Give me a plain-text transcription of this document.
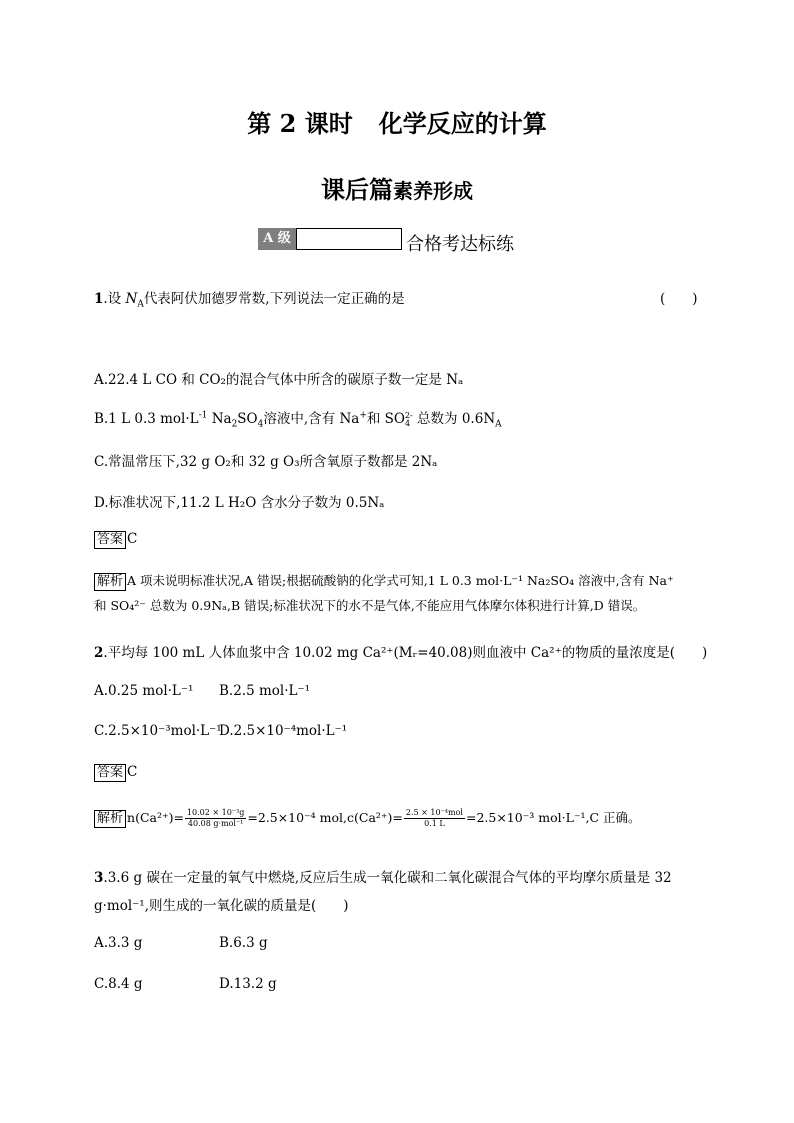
第 2 课时 化学反应的计算
课后篇素养形成
A 级	合格考达标练
1.设 $N_A$代表阿伏加德罗常数,下列说法一定正确的是	(　　)
A.22.4 L CO 和 CO₂的混合气体中所含的碳原子数一定是 Nₐ
B.1 L 0.3 $mol\cdot L^{-1}$ $Na_2SO_4$溶液中,含有 Na+和 SO 2-
4 总数为 $0.6N_A$
C.常温常压下,32 g O₂和 32 g O₃所含氧原子数都是 2Nₐ
D.标准状况下,11.2 L H₂O 含水分子数为 0.5Nₐ
答案 C
解析 A 项未说明标准状况,A 错误;根据硫酸钠的化学式可知,1 L 0.3 mol·L⁻¹ Na₂SO₄ 溶液中,含有 Na⁺
和 SO₄²⁻ 总数为 0.9Nₐ,B 错误;标准状况下的水不是气体,不能应用气体摩尔体积进行计算,D 错误。
2.平均每 100 mL 人体血浆中含 10.02 mg Ca²⁺(Mᵣ=40.08)则血液中 Ca²⁺的物质的量浓度是(　　)
A.0.25 mol·L⁻¹ B.2.5 mol·L⁻¹
C.2.5×10⁻³mol·L⁻¹
D.2.5×10⁻⁴mol·L⁻¹
答案 C
解析 $n(Ca^{2+})= \frac{\text{10.02 × 10⁻³g}}{\text{40.08 g·mol⁻¹}} =2.5\times 10^{-4}$ $mol,c(Ca^{2+})= \frac{\text{2.5 × 10⁻⁴mol}}{0.1 L} =2.5\times 10^{-3}$ mol·L⁻¹,C 正确。
3.3.6 g 碳在一定量的氧气中燃烧,反应后生成一氧化碳和二氧化碳混合气体的平均摩尔质量是 32
g·mol⁻¹,则生成的一氧化碳的质量是(　　)
A.3.3 g	B.6.3 g
C.8.4 g	D.13.2 g
